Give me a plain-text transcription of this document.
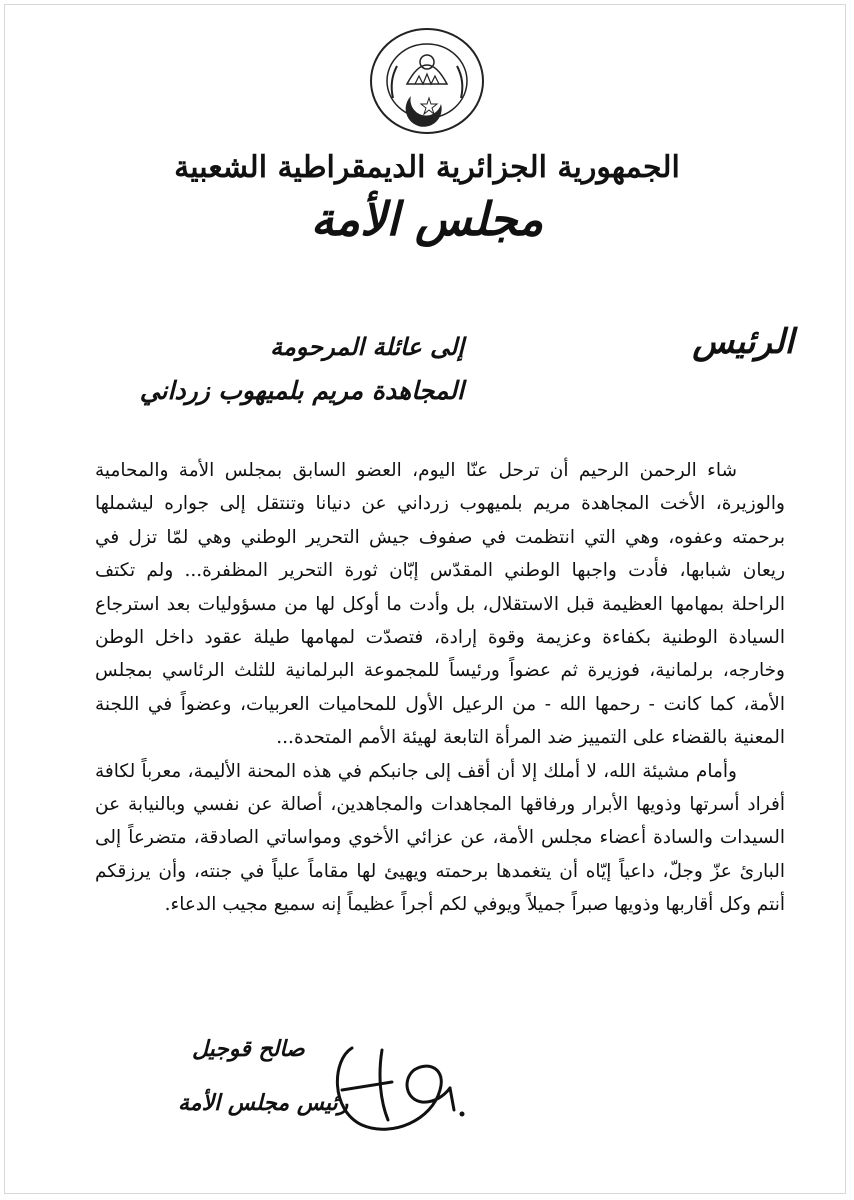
الجمهورية الجزائرية الديمقراطية الشعبية
مجلس الأمة
الرئيس
إلى عائلة المرحومة
المجاهدة مريم بلميهوب زرداني

شاء الرحمن الرحيم أن ترحل عنّا اليوم، العضو السابق بمجلس الأمة والمحامية والوزيرة، الأخت المجاهدة مريم بلميهوب زرداني عن دنيانا وتنتقل إلى جواره ليشملها برحمته وعفوه، وهي التي انتظمت في صفوف جيش التحرير الوطني وهي لمّا تزل في ريعان شبابها، فأدت واجبها الوطني المقدّس إبّان ثورة التحرير المظفرة... ولم تكتف الراحلة بمهامها العظيمة قبل الاستقلال، بل وأدت ما أوكل لها من مسؤوليات بعد استرجاع السيادة الوطنية بكفاءة وعزيمة وقوة إرادة، فتصدّت لمهامها طيلة عقود داخل الوطن وخارجه، برلمانية، فوزيرة ثم عضواً ورئيساً للمجموعة البرلمانية للثلث الرئاسي بمجلس الأمة، كما كانت - رحمها الله - من الرعيل الأول للمحاميات العربيات، وعضواً في اللجنة المعنية بالقضاء على التمييز ضد المرأة التابعة لهيئة الأمم المتحدة...

وأمام مشيئة الله، لا أملك إلا أن أقف إلى جانبكم في هذه المحنة الأليمة، معرباً لكافة أفراد أسرتها وذويها الأبرار ورفاقها المجاهدات والمجاهدين، أصالة عن نفسي وبالنيابة عن السيدات والسادة أعضاء مجلس الأمة، عن عزائي الأخوي ومواساتي الصادقة، متضرعاً إلى البارئ عزّ وجلّ، داعياً إيّاه أن يتغمدها برحمته ويهيئ لها مقاماً علياً في جنته، وأن يرزقكم أنتم وكل أقاربها وذويها صبراً جميلاً ويوفي لكم أجراً عظيماً إنه سميع مجيب الدعاء.

صالح قوجيل
رئيس مجلس الأمة
